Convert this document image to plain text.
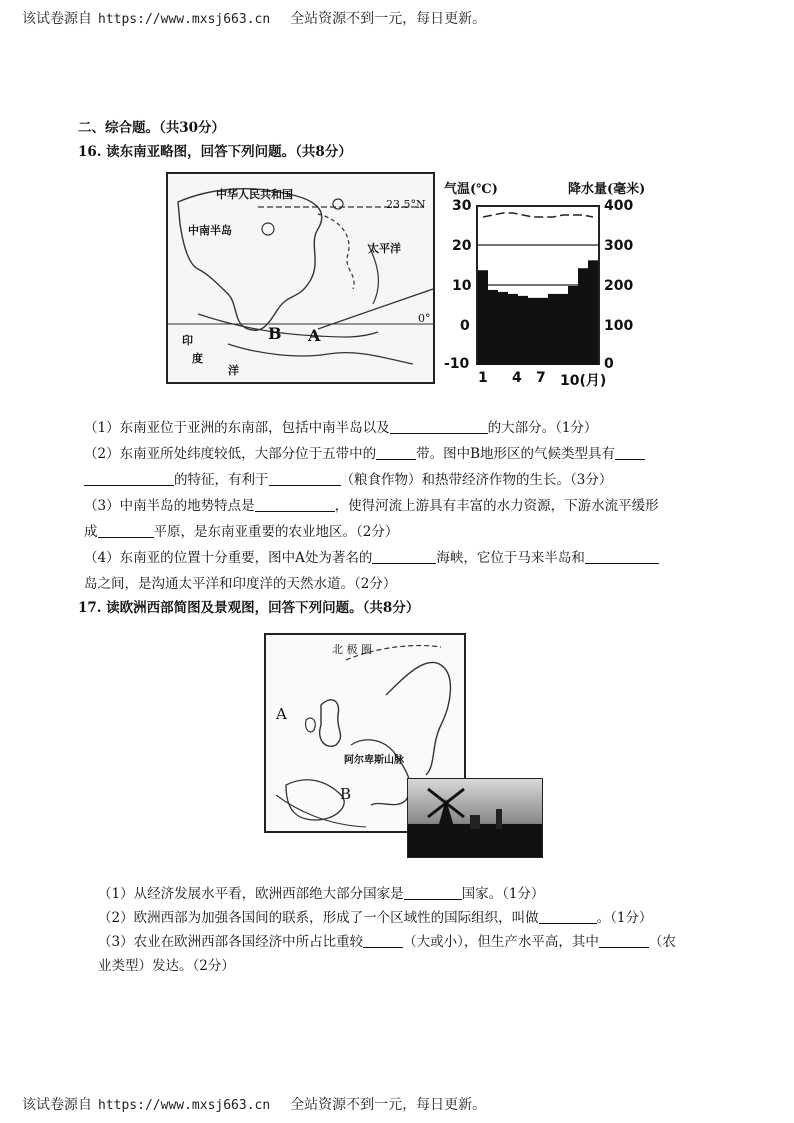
该试卷源自 https://www.mxsj663.cn 全站资源不到一元，每日更新。
二、综合题。（共30分）
16. 读东南亚略图，回答下列问题。（共8分）
中华人民共和国
中南半岛
23.5°N
太平洋
0°
B A
印
度
洋
气温(℃)	降水量(毫米)
30
20
10
0
-10
400
300
200
100
0
1 4 7 10(月)
（1）东南亚位于亚洲的东南部，包括中南半岛以及	的大部分。（1分）
（2）东南亚所处纬度较低，大部分位于五带中的	带。图中B地形区的气候类型具有
的特征，有利于	（粮食作物）和热带经济作物的生长。（3分）
（3）中南半岛的地势特点是	，使得河流上游具有丰富的水力资源，下游水流平缓形
成	平原，是东南亚重要的农业地区。（2分）
（4）东南亚的位置十分重要，图中A处为著名的	海峡，它位于马来半岛和
岛之间，是沟通太平洋和印度洋的天然水道。（2分）
17. 读欧洲西部简图及景观图，回答下列问题。（共8分）
北 极 圈
A
B
阿尔卑斯山脉
（1）从经济发展水平看，欧洲西部绝大部分国家是	国家。（1分）
（2）欧洲西部为加强各国间的联系，形成了一个区域性的国际组织，叫做	。（1分）
（3）农业在欧洲西部各国经济中所占比重较	（大或小），但生产水平高，其中	（农
业类型）发达。（2分）
该试卷源自 https://www.mxsj663.cn 全站资源不到一元，每日更新。
